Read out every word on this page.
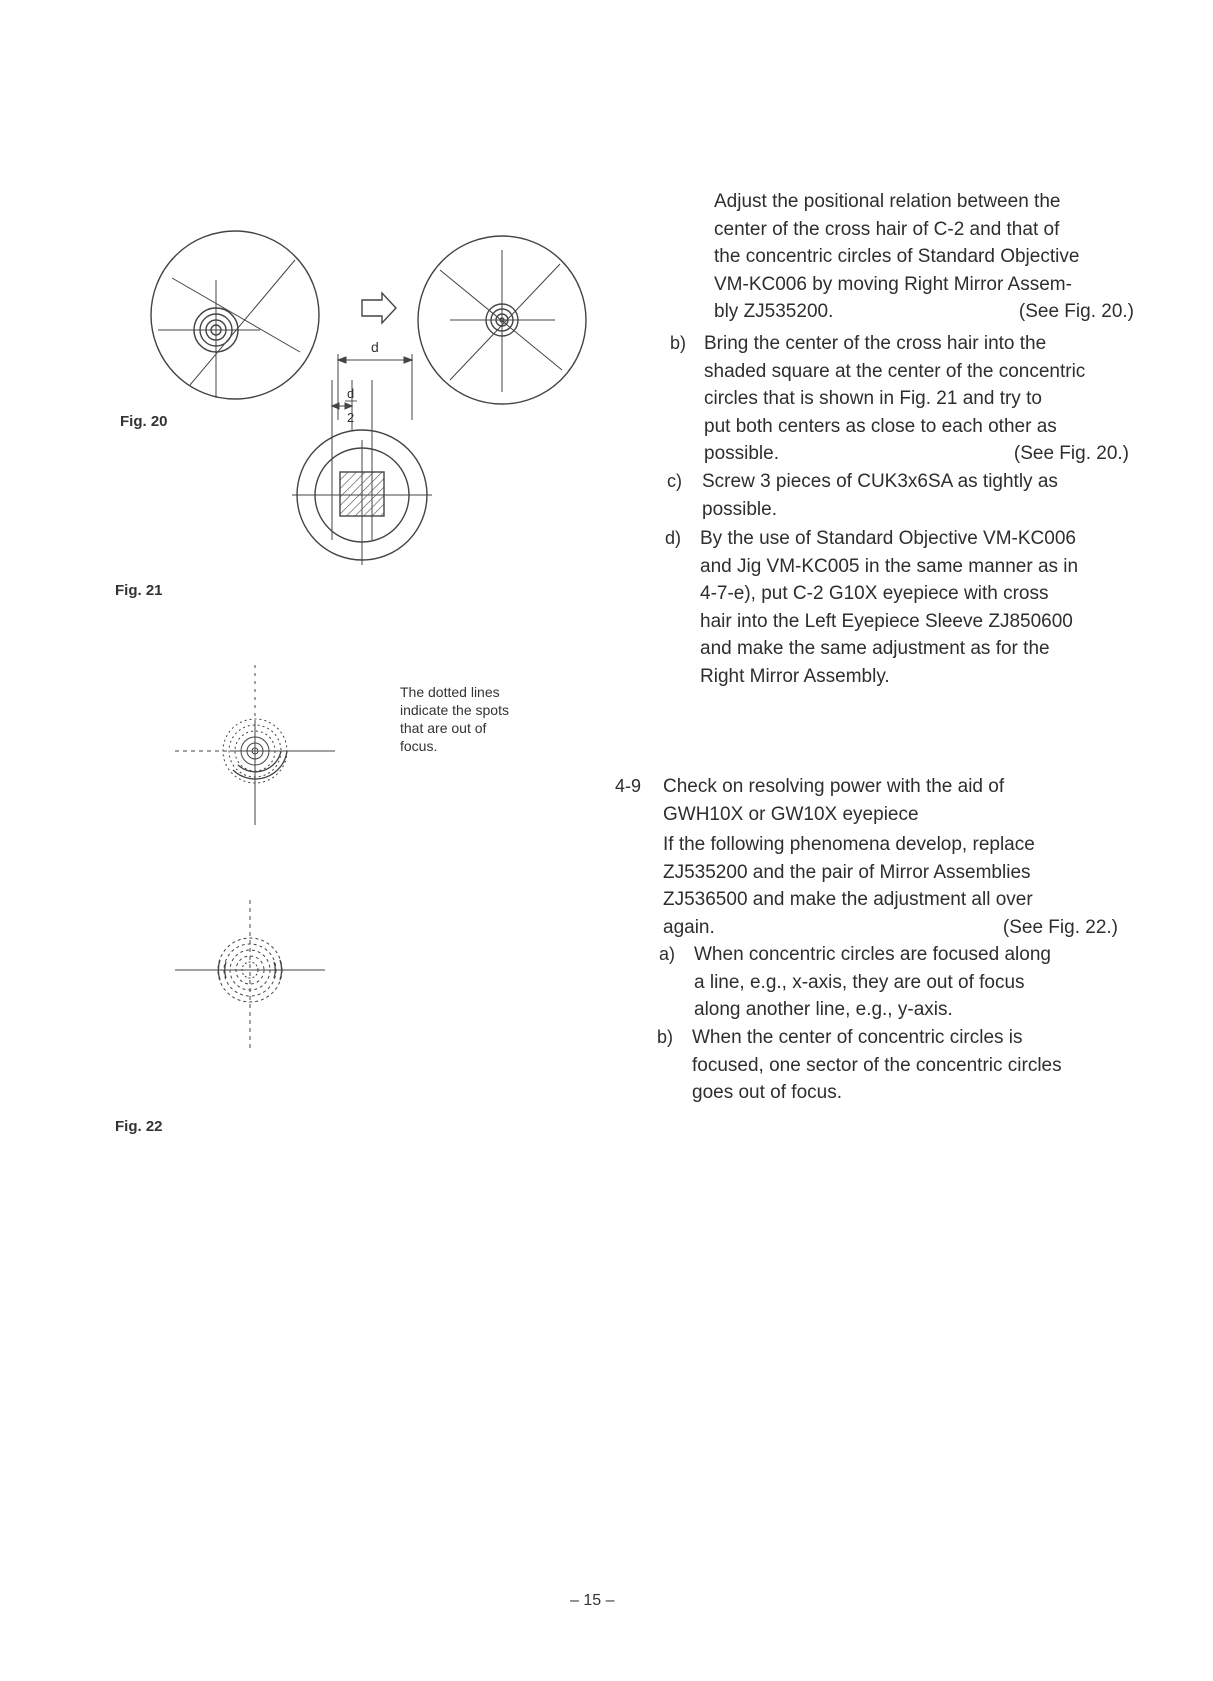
d
d
2
Fig. 20
Fig. 21
Fig. 22
The dotted lines
indicate the spots
that are out of
focus.
Adjust the positional relation between the
center of the cross hair of C-2 and that of
the concentric circles of Standard Objective
VM-KC006 by moving Right Mirror Assem-
bly ZJ535200.	(See Fig. 20.)
b) Bring the center of the cross hair into the
shaded square at the center of the concentric
circles that is shown in Fig. 21 and try to
put both centers as close to each other as
possible.	(See Fig. 20.)
c) Screw 3 pieces of CUK3x6SA as tightly as
possible.
d) By the use of Standard Objective VM-KC006
and Jig VM-KC005 in the same manner as in
4-7-e), put C-2 G10X eyepiece with cross
hair into the Left Eyepiece Sleeve ZJ850600
and make the same adjustment as for the
Right Mirror Assembly.
4-9 Check on resolving power with the aid of
GWH10X or GW10X eyepiece
If the following phenomena develop, replace
ZJ535200 and the pair of Mirror Assemblies
ZJ536500 and make the adjustment all over
again.	(See Fig. 22.)
a) When concentric circles are focused along
a line, e.g., x-axis, they are out of focus
along another line, e.g., y-axis.
b) When the center of concentric circles is
focused, one sector of the concentric circles
goes out of focus.
– 15 –
